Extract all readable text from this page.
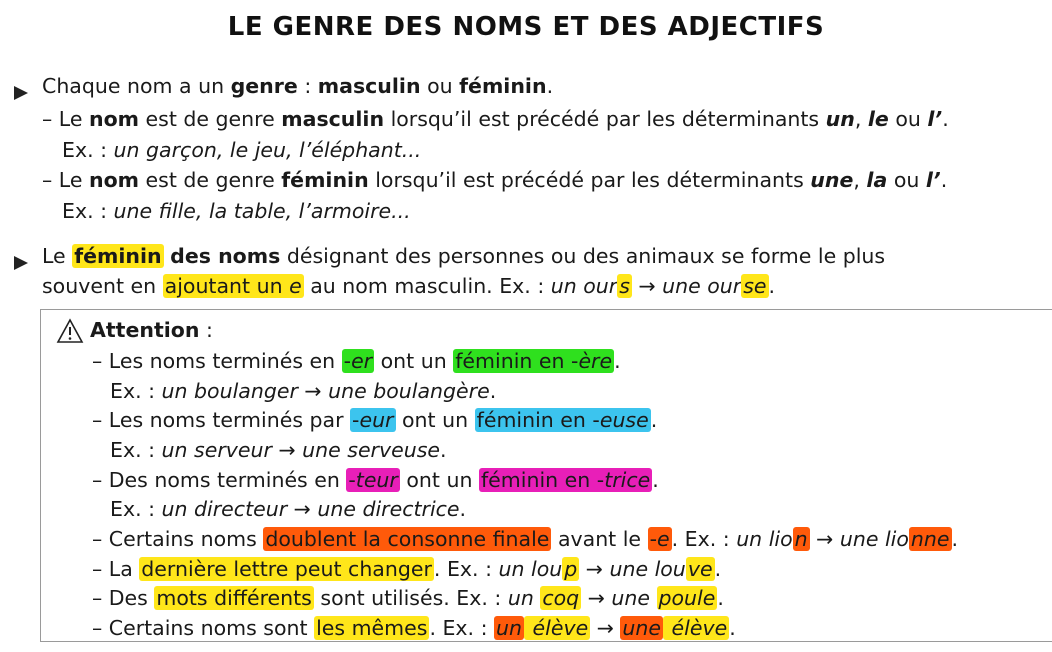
LE GENRE DES NOMS ET DES ADJECTIFS
Chaque nom a un genre : masculin ou féminin.
– Le nom est de genre masculin lorsqu’il est précédé par les déterminants un, le ou l’.
Ex. : un garçon, le jeu, l’éléphant...
– Le nom est de genre féminin lorsqu’il est précédé par les déterminants une, la ou l’.
Ex. : une fille, la table, l’armoire...
Le féminin des noms désignant des personnes ou des animaux se forme le plus
souvent en ajoutant un e au nom masculin. Ex. : un ours → une ourse.
Attention :
– Les noms terminés en -er ont un féminin en -ère.
Ex. : un boulanger → une boulangère.
– Les noms terminés par -eur ont un féminin en -euse.
Ex. : un serveur → une serveuse.
– Des noms terminés en -teur ont un féminin en -trice.
Ex. : un directeur → une directrice.
– Certains noms doublent la consonne finale avant le -e. Ex. : un lion → une lionne.
– La dernière lettre peut changer. Ex. : un loup → une louve.
– Des mots différents sont utilisés. Ex. : un coq → une poule.
– Certains noms sont les mêmes. Ex. : un élève → une élève.
